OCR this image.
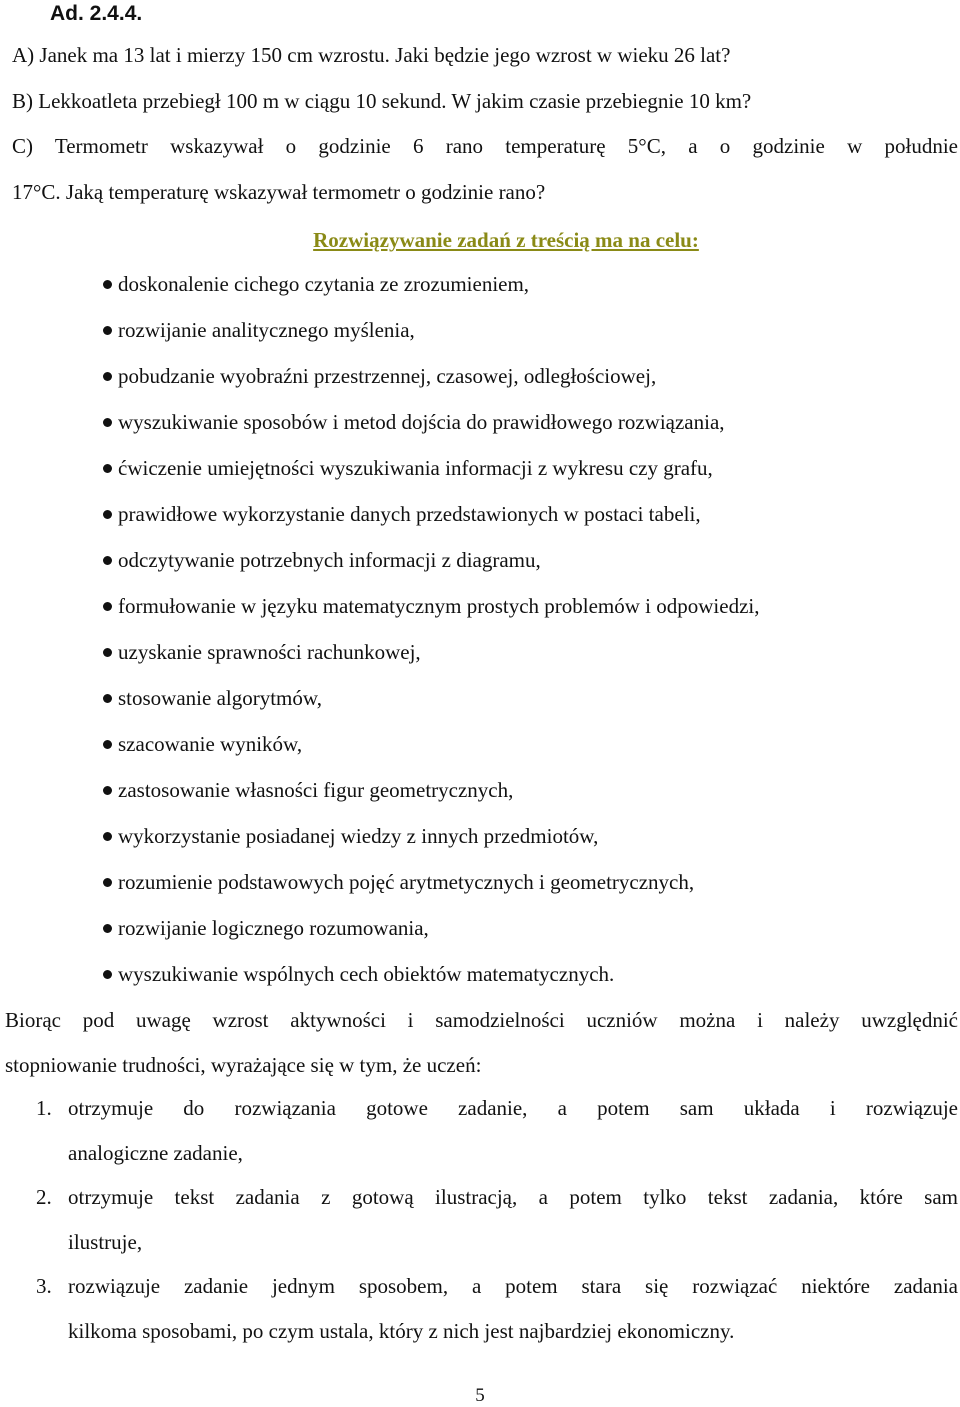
Ad. 2.4.4.
A) Janek ma 13 lat i mierzy 150 cm wzrostu. Jaki będzie jego wzrost w wieku 26 lat?
B) Lekkoatleta przebiegł 100 m w ciągu 10 sekund. W jakim czasie przebiegnie 10 km?
C) Termometr wskazywał o godzinie 6 rano temperaturę 5°C, a o godzinie w południe
17°C. Jaką temperaturę wskazywał termometr o godzinie rano?
Rozwiązywanie zadań z treścią ma na celu:
doskonalenie cichego czytania ze zrozumieniem,
rozwijanie analitycznego myślenia,
pobudzanie wyobraźni przestrzennej, czasowej, odległościowej,
wyszukiwanie sposobów i metod dojścia do prawidłowego rozwiązania,
ćwiczenie umiejętności wyszukiwania informacji z wykresu czy grafu,
prawidłowe wykorzystanie danych przedstawionych w postaci tabeli,
odczytywanie potrzebnych informacji z diagramu,
formułowanie w języku matematycznym prostych problemów i odpowiedzi,
uzyskanie sprawności rachunkowej,
stosowanie algorytmów,
szacowanie wyników,
zastosowanie własności figur geometrycznych,
wykorzystanie posiadanej wiedzy z innych przedmiotów,
rozumienie podstawowych pojęć arytmetycznych i geometrycznych,
rozwijanie logicznego rozumowania,
wyszukiwanie wspólnych cech obiektów matematycznych.
Biorąc pod uwagę wzrost aktywności i samodzielności uczniów można i należy uwzględnić
stopniowanie trudności, wyrażające się w tym, że uczeń:
1. otrzymuje do rozwiązania gotowe zadanie, a potem sam układa i rozwiązuje
analogiczne zadanie,
2. otrzymuje tekst zadania z gotową ilustracją, a potem tylko tekst zadania, które sam
ilustruje,
3. rozwiązuje zadanie jednym sposobem, a potem stara się rozwiązać niektóre zadania
kilkoma sposobami, po czym ustala, który z nich jest najbardziej ekonomiczny.
5
